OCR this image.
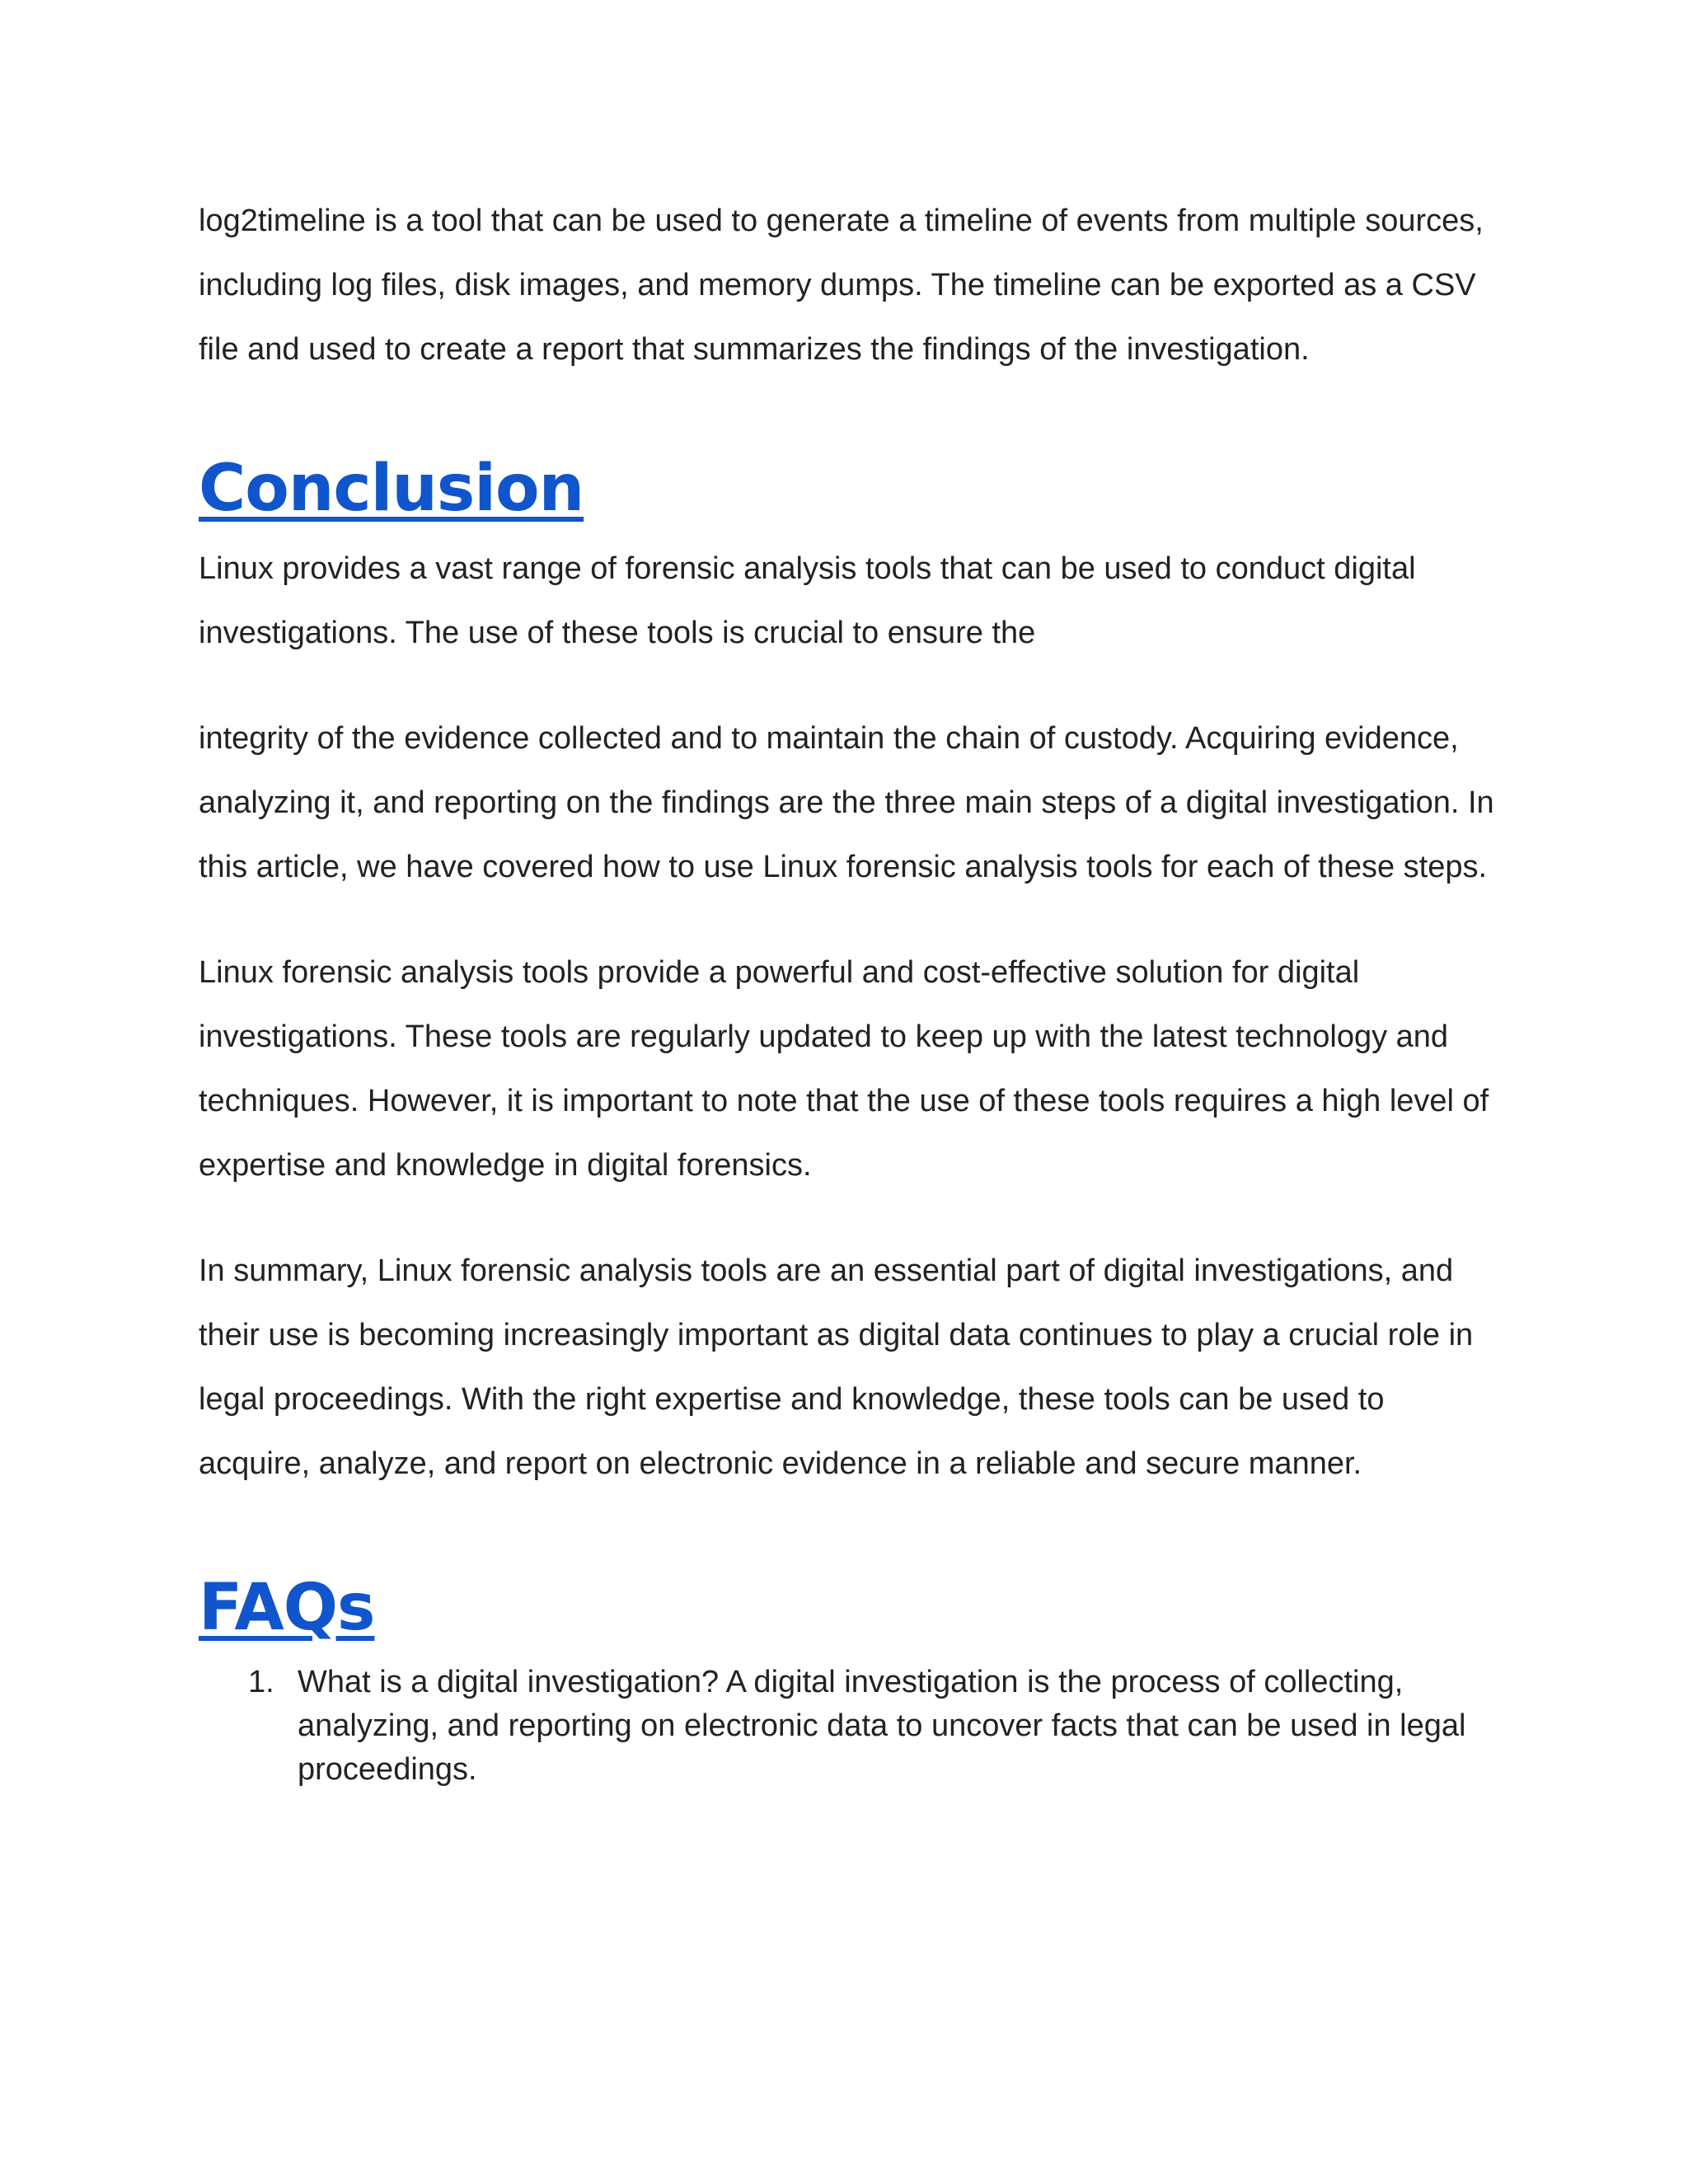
log2timeline is a tool that can be used to generate a timeline of events from multiple sources, including log files, disk images, and memory dumps. The timeline can be exported as a CSV file and used to create a report that summarizes the findings of the investigation.

Conclusion

Linux provides a vast range of forensic analysis tools that can be used to conduct digital investigations. The use of these tools is crucial to ensure the

integrity of the evidence collected and to maintain the chain of custody. Acquiring evidence, analyzing it, and reporting on the findings are the three main steps of a digital investigation. In this article, we have covered how to use Linux forensic analysis tools for each of these steps.

Linux forensic analysis tools provide a powerful and cost-effective solution for digital investigations. These tools are regularly updated to keep up with the latest technology and techniques. However, it is important to note that the use of these tools requires a high level of expertise and knowledge in digital forensics.

In summary, Linux forensic analysis tools are an essential part of digital investigations, and their use is becoming increasingly important as digital data continues to play a crucial role in legal proceedings. With the right expertise and knowledge, these tools can be used to acquire, analyze, and report on electronic evidence in a reliable and secure manner.

FAQs
1. What is a digital investigation? A digital investigation is the process of collecting, analyzing, and reporting on electronic data to uncover facts that can be used in legal proceedings.
